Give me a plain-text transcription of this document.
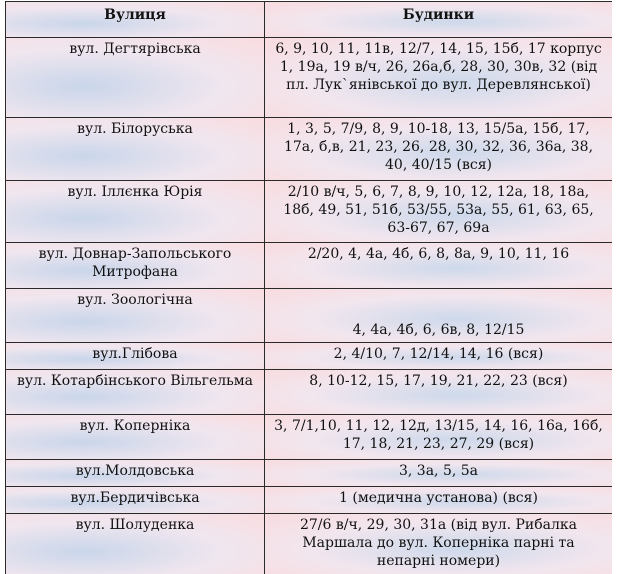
Вулиця	Будинки
вул. Дегтярівська	6, 9, 10, 11, 11в, 12/7, 14, 15, 15б, 17 корпус 1, 19а, 19 в/ч, 26, 26а,б, 28, 30, 30в, 32 (від пл. Лук`янівської до вул. Деревлянської)
вул. Білоруська	1, 3, 5, 7/9, 8, 9, 10-18, 13, 15/5а, 15б, 17, 17а, б,в, 21, 23, 26, 28, 30, 32, 36, 36а, 38, 40, 40/15 (вся)
вул. Іллєнка Юрія	2/10 в/ч, 5, 6, 7, 8, 9, 10, 12, 12а, 18, 18а, 18б, 49, 51, 51б, 53/55, 53а, 55, 61, 63, 65, 63-67, 67, 69а
вул. Довнар-Запольського Митрофана	2/20, 4, 4а, 4б, 6, 8, 8а, 9, 10, 11, 16
вул. Зоологічна	4, 4а, 4б, 6, 6в, 8, 12/15
вул.Глібова	2, 4/10, 7, 12/14, 14, 16 (вся)
вул. Котарбінського Вільгельма	8, 10-12, 15, 17, 19, 21, 22, 23 (вся)
вул. Коперніка	3, 7/1,10, 11, 12, 12д, 13/15, 14, 16, 16а, 16б, 17, 18, 21, 23, 27, 29 (вся)
вул.Молдовська	3, 3а, 5, 5а
вул.Бердичівська	1 (медична установа) (вся)
вул. Шолуденка	27/6 в/ч, 29, 30, 31а (від вул. Рибалка Маршала до вул. Коперніка парні та непарні номери)
